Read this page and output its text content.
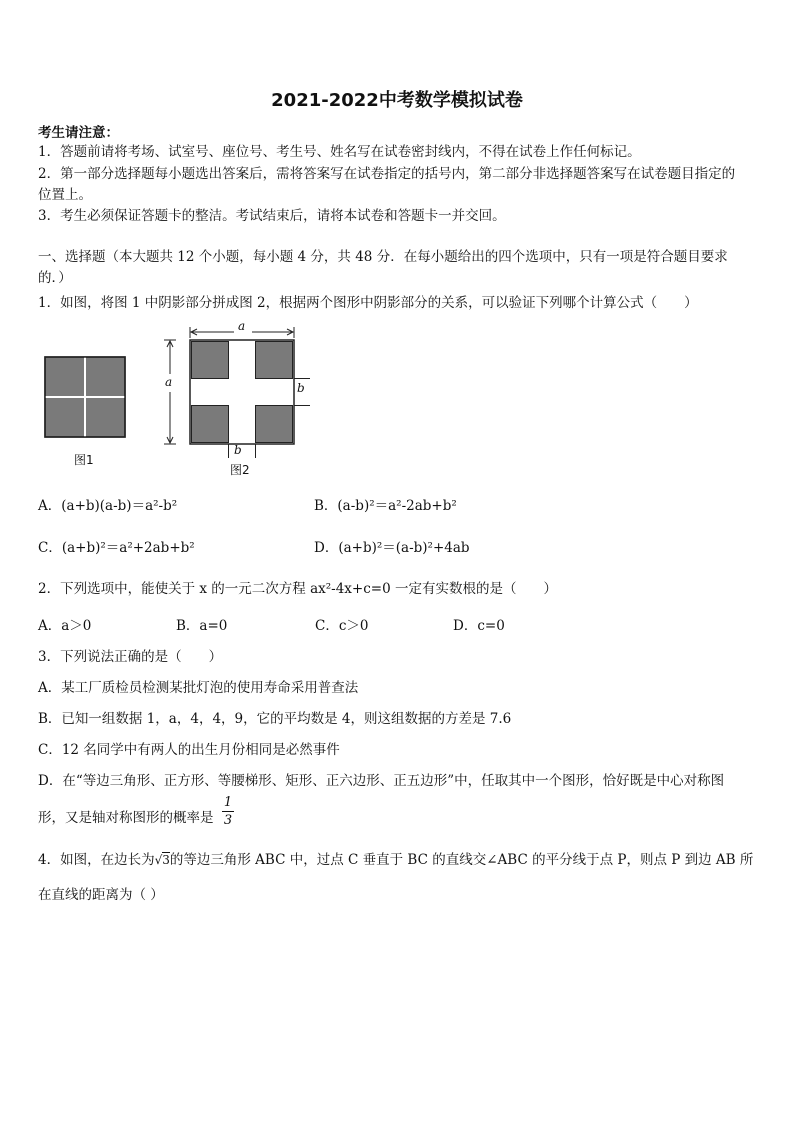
2021-2022中考数学模拟试卷
考生请注意：
1．答题前请将考场、试室号、座位号、考生号、姓名写在试卷密封线内，不得在试卷上作任何标记。
2．第一部分选择题每小题选出答案后，需将答案写在试卷指定的括号内，第二部分非选择题答案写在试卷题目指定的
位置上。
3．考生必须保证答题卡的整洁。考试结束后，请将本试卷和答题卡一并交回。
一、选择题（本大题共 12 个小题，每小题 4 分，共 48 分．在每小题给出的四个选项中，只有一项是符合题目要求
的．）
1．如图，将图 1 中阴影部分拼成图 2，根据两个图形中阴影部分的关系，可以验证下列哪个计算公式（　　）
图1
a
a	b
b
图2
A．(a+b)(a-b)＝a²-b²	B．(a-b)²＝a²-2ab+b²
C．(a+b)²＝a²+2ab+b²	D．(a+b)²＝(a-b)²+4ab
2．下列选项中，能使关于 x 的一元二次方程 ax²-4x+c=0 一定有实数根的是（　　）
A．a＞0	B．a=0	C．c＞0	D．c=0
3．下列说法正确的是（　　）
A．某工厂质检员检测某批灯泡的使用寿命采用普查法
B．已知一组数据 1，a，4，4，9，它的平均数是 4，则这组数据的方差是 7.6
C．12 名同学中有两人的出生月份相同是必然事件
D．在“等边三角形、正方形、等腰梯形、矩形、正六边形、正五边形”中，任取其中一个图形，恰好既是中心对称图
形，又是轴对称图形的概率是
1
3
4．如图，在边长为√3的等边三角形 ABC 中，过点 C 垂直于 BC 的直线交∠ABC 的平分线于点 P，则点 P 到边 AB 所
在直线的距离为（ ）
